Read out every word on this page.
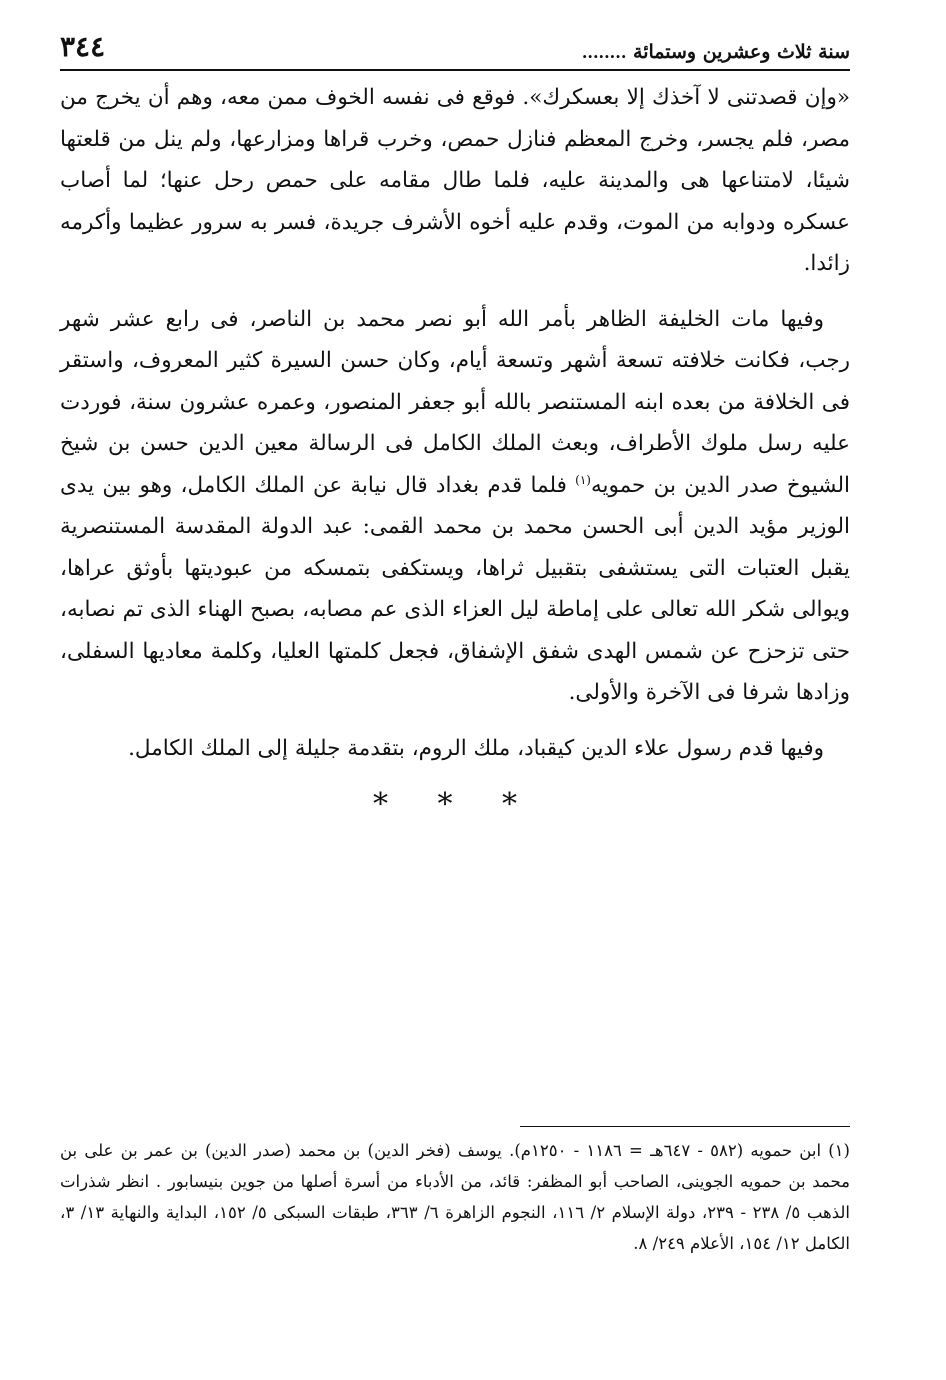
سنة ثلاث وعشرين وستمائة ........
٣٤٤

«وإن قصدتنى لا آخذك إلا بعسكرك». فوقع فى نفسه الخوف ممن معه، وهم أن يخرج من مصر، فلم يجسر، وخرج المعظم فنازل حمص، وخرب قراها ومزارعها، ولم ينل من قلعتها شيئا، لامتناعها هى والمدينة عليه، فلما طال مقامه على حمص رحل عنها؛ لما أصاب عسكره ودوابه من الموت، وقدم عليه أخوه الأشرف جريدة، فسر به سرور عظيما وأكرمه زائدا.

وفيها مات الخليفة الظاهر بأمر الله أبو نصر محمد بن الناصر، فى رابع عشر شهر رجب، فكانت خلافته تسعة أشهر وتسعة أيام، وكان حسن السيرة كثير المعروف، واستقر فى الخلافة من بعده ابنه المستنصر بالله أبو جعفر المنصور، وعمره عشرون سنة، فوردت عليه رسل ملوك الأطراف، وبعث الملك الكامل فى الرسالة معين الدين حسن بن شيخ الشيوخ صدر الدين بن حمويه$^{(١)}$ فلما قدم بغداد قال نيابة عن الملك الكامل، وهو بين يدى الوزير مؤيد الدين أبى الحسن محمد بن محمد القمى: عبد الدولة المقدسة المستنصرية يقبل العتبات التى يستشفى بتقبيل ثراها، ويستكفى بتمسكه من عبوديتها بأوثق عراها، ويوالى شكر الله تعالى على إماطة ليل العزاء الذى عم مصابه، بصبح الهناء الذى تم نصابه، حتى تزحزح عن شمس الهدى شفق الإشفاق، فجعل كلمتها العليا، وكلمة معاديها السفلى، وزادها شرفا فى الآخرة والأولى.

وفيها قدم رسول علاء الدين كيقباد، ملك الروم، بتقدمة جليلة إلى الملك الكامل.

* * *

(١) ابن حمويه (٥٨٢ - ٦٤٧هـ = ١١٨٦ - ١٢٥٠م). يوسف (فخر الدين) بن محمد (صدر الدين) بن عمر بن على بن محمد بن حمويه الجوينى، الصاحب أبو المظفر: قائد، من الأدباء من أسرة أصلها من جوين بنيسابور . انظر شذرات الذهب ٥/ ٢٣٨ - ٢٣٩، دولة الإسلام ٢/ ١١٦، النجوم الزاهرة ٦/ ٣٦٣، طبقات السبكى ٥/ ١٥٢، البداية والنهاية ١٣/ ٣، الكامل ١٢/ ١٥٤، الأعلام ٢٤٩/ ٨.
